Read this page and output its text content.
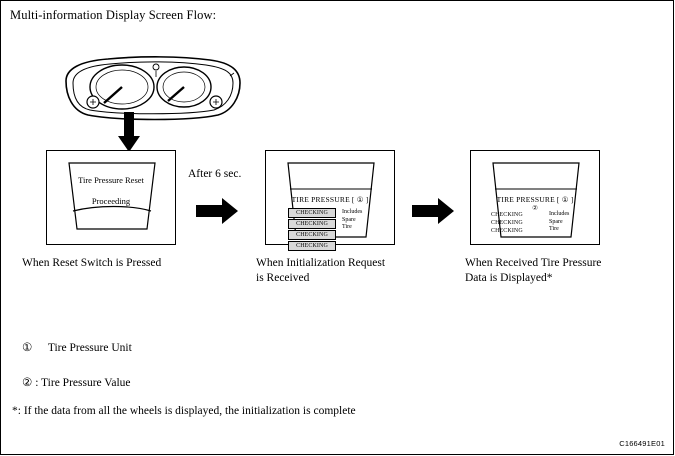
Multi-information Display Screen Flow:
Tire Pressure Reset
Proceeding
When Reset Switch is Pressed
After 6 sec.
TIRE PRESSURE [ ① ]
CHECKING
CHECKING
CHECKING
CHECKING
Includes
Spare
Tire
When Initialization Request
is Received
TIRE PRESSURE [ ① ]
②
CHECKING
CHECKING
CHECKING
Includes
Spare
Tire
When Received Tire Pressure
Data is Displayed*
① Tire Pressure Unit
② : Tire Pressure Value
*: If the data from all the wheels is displayed, the initialization is complete
C166491E01
